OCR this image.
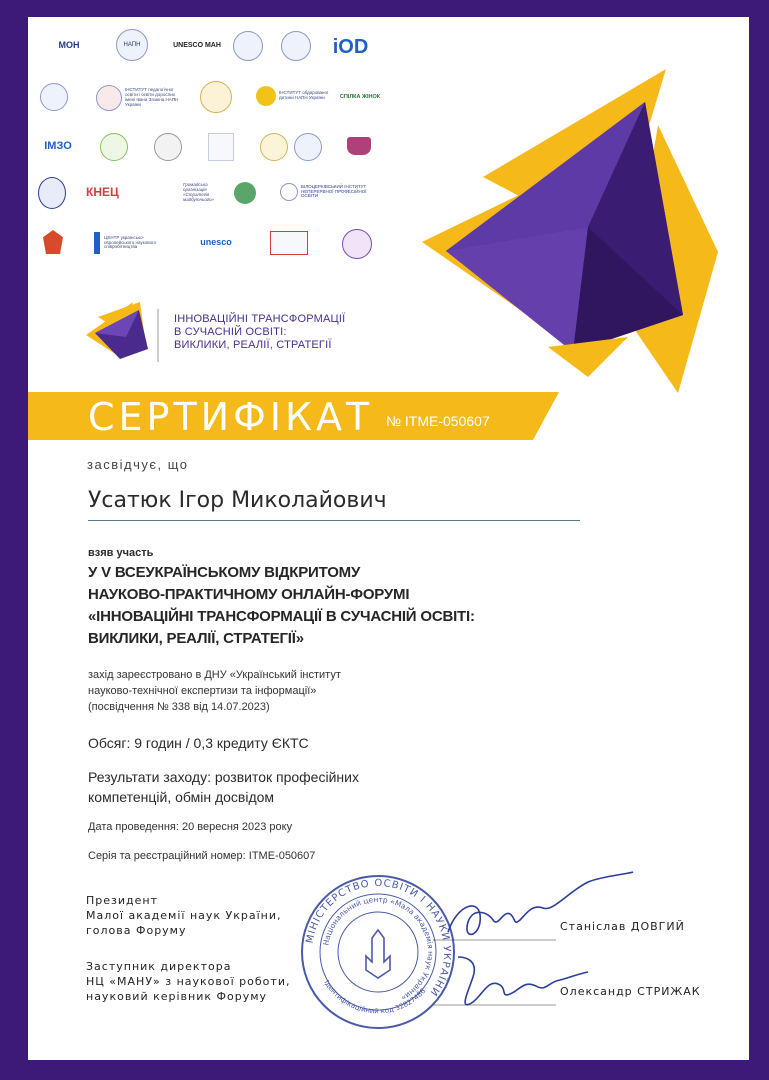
МОН	НАПН	UNESCO МАН	iOD
ІНСТИТУТ педагогічної освіти і освіти дорослих імені Івана Зязюна НАПН України
ІНСТИТУТ обдарованої дитини НАПН України	СПІЛКА ЖІНОК
ІМЗО
КНЕЦ
Громадська організація «Стратегія майбутнього»
БІЛОЦЕРКІВСЬКИЙ ІНСТИТУТ НЕПЕРЕРВНОЇ ПРОФЕСІЙНОЇ ОСВІТИ
ЦЕНТР українсько-європейського наукового співробітництва	unesco
ІННОВАЦІЙНІ ТРАНСФОРМАЦІЇ
В СУЧАСНІЙ ОСВІТІ:
ВИКЛИКИ, РЕАЛІЇ, СТРАТЕГІЇ
СЕРТИФІКАТ № ITME-050607
засвідчує, що
Усатюк Ігор Миколайович
взяв участь
У V ВСЕУКРАЇНСЬКОМУ ВІДКРИТОМУ
НАУКОВО-ПРАКТИЧНОМУ ОНЛАЙН-ФОРУМІ
«ІННОВАЦІЙНІ ТРАНСФОРМАЦІЇ В СУЧАСНІЙ ОСВІТІ:
ВИКЛИКИ, РЕАЛІЇ, СТРАТЕГІЇ»
захід зареєстровано в ДНУ «Український інститут
науково-технічної експертизи та інформації»
(посвідчення № 338 від 14.07.2023)
Обсяг: 9 годин / 0,3 кредиту ЄКТС
Результати заходу: розвиток професійних
компетенцій, обмін досвідом
Дата проведення: 20 вересня 2023 року
Серія та реєстраційний номер: ITME-050607
Президент
Малої академії наук України,
голова Форуму	Станіслав ДОВГИЙ
Заступник директора
НЦ «МАНУ» з наукової роботи,
науковий керівник Форуму	Олександр СТРИЖАК
МІНІСТЕРСТВО ОСВІТИ І НАУКИ УКРАЇНИ
Національний центр «Мала академія наук України»
Ідентифікаційний код 32827486
